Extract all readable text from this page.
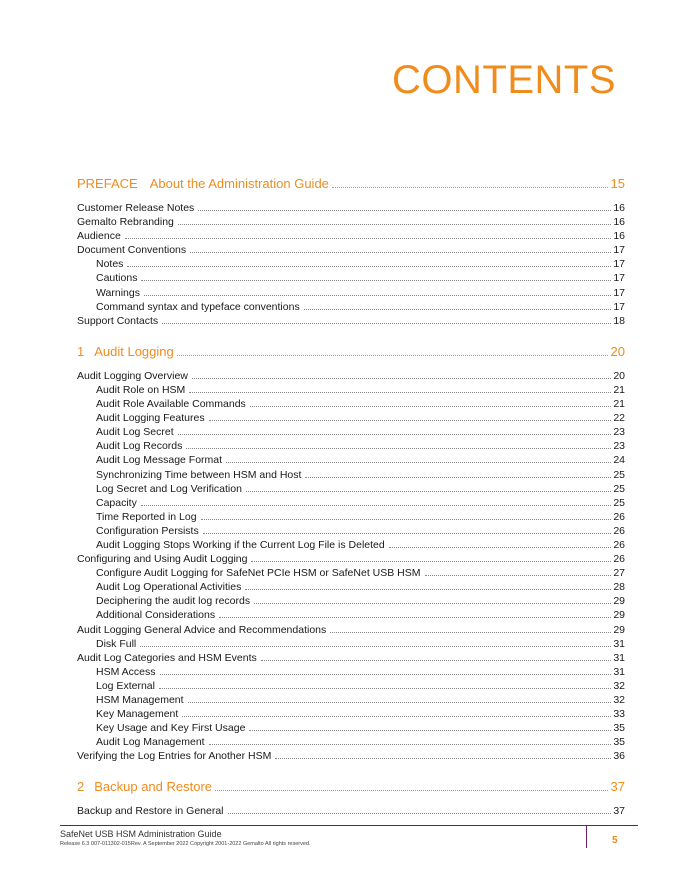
CONTENTS
PREFACE About the Administration Guide	15
Customer Release Notes	16
Gemalto Rebranding	16
Audience	16
Document Conventions	17
Notes	17
Cautions	17
Warnings	17
Command syntax and typeface conventions	17
Support Contacts	18
1 Audit Logging	20
Audit Logging Overview	20
Audit Role on HSM	21
Audit Role Available Commands	21
Audit Logging Features	22
Audit Log Secret	23
Audit Log Records	23
Audit Log Message Format	24
Synchronizing Time between HSM and Host	25
Log Secret and Log Verification	25
Capacity	25
Time Reported in Log	26
Configuration Persists	26
Audit Logging Stops Working if the Current Log File is Deleted	26
Configuring and Using Audit Logging	26
Configure Audit Logging for SafeNet PCIe HSM or SafeNet USB HSM	27
Audit Log Operational Activities	28
Deciphering the audit log records	29
Additional Considerations	29
Audit Logging General Advice and Recommendations	29
Disk Full	31
Audit Log Categories and HSM Events	31
HSM Access	31
Log External	32
HSM Management	32
Key Management	33
Key Usage and Key First Usage	35
Audit Log Management	35
Verifying the Log Entries for Another HSM	36
2 Backup and Restore	37
Backup and Restore in General	37
SafeNet USB HSM Administration Guide
Release 6.3 007-011302-015Rev. A September 2022 Copyright 2001-2022 Gemalto All rights reserved.	5
